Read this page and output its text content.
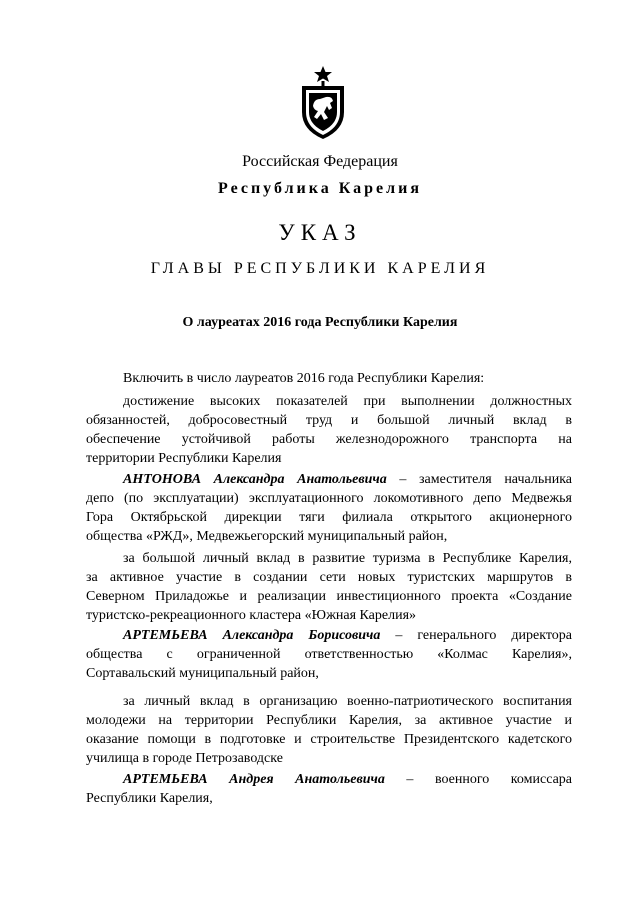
Российская Федерация
Республика Карелия
УКАЗ
ГЛАВЫ РЕСПУБЛИКИ КАРЕЛИЯ
О лауреатах 2016 года Республики Карелия

Включить в число лауреатов 2016 года Республики Карелия:

достижение высоких показателей при выполнении должностных

обязанностей, добросовестный труд и большой личный вклад в

обеспечение устойчивой работы железнодорожного транспорта на

территории Республики Карелия

АНТОНОВА Александра Анатольевича – заместителя начальника

депо (по эксплуатации) эксплуатационного локомотивного депо Медвежья

Гора Октябрьской дирекции тяги филиала открытого акционерного

общества «РЖД», Медвежьегорский муниципальный район,

за большой личный вклад в развитие туризма в Республике Карелия,

за активное участие в создании сети новых туристских маршрутов в

Северном Приладожье и реализации инвестиционного проекта «Создание

туристско-рекреационного кластера «Южная Карелия»

АРТЕМЬЕВА Александра Борисовича – генерального директора

общества с ограниченной ответственностью «Колмас Карелия»,

Сортавальский муниципальный район,

за личный вклад в организацию военно-патриотического воспитания

молодежи на территории Республики Карелия, за активное участие и

оказание помощи в подготовке и строительстве Президентского кадетского

училища в городе Петрозаводске

АРТЕМЬЕВА Андрея Анатольевича – военного комиссара

Республики Карелия,
